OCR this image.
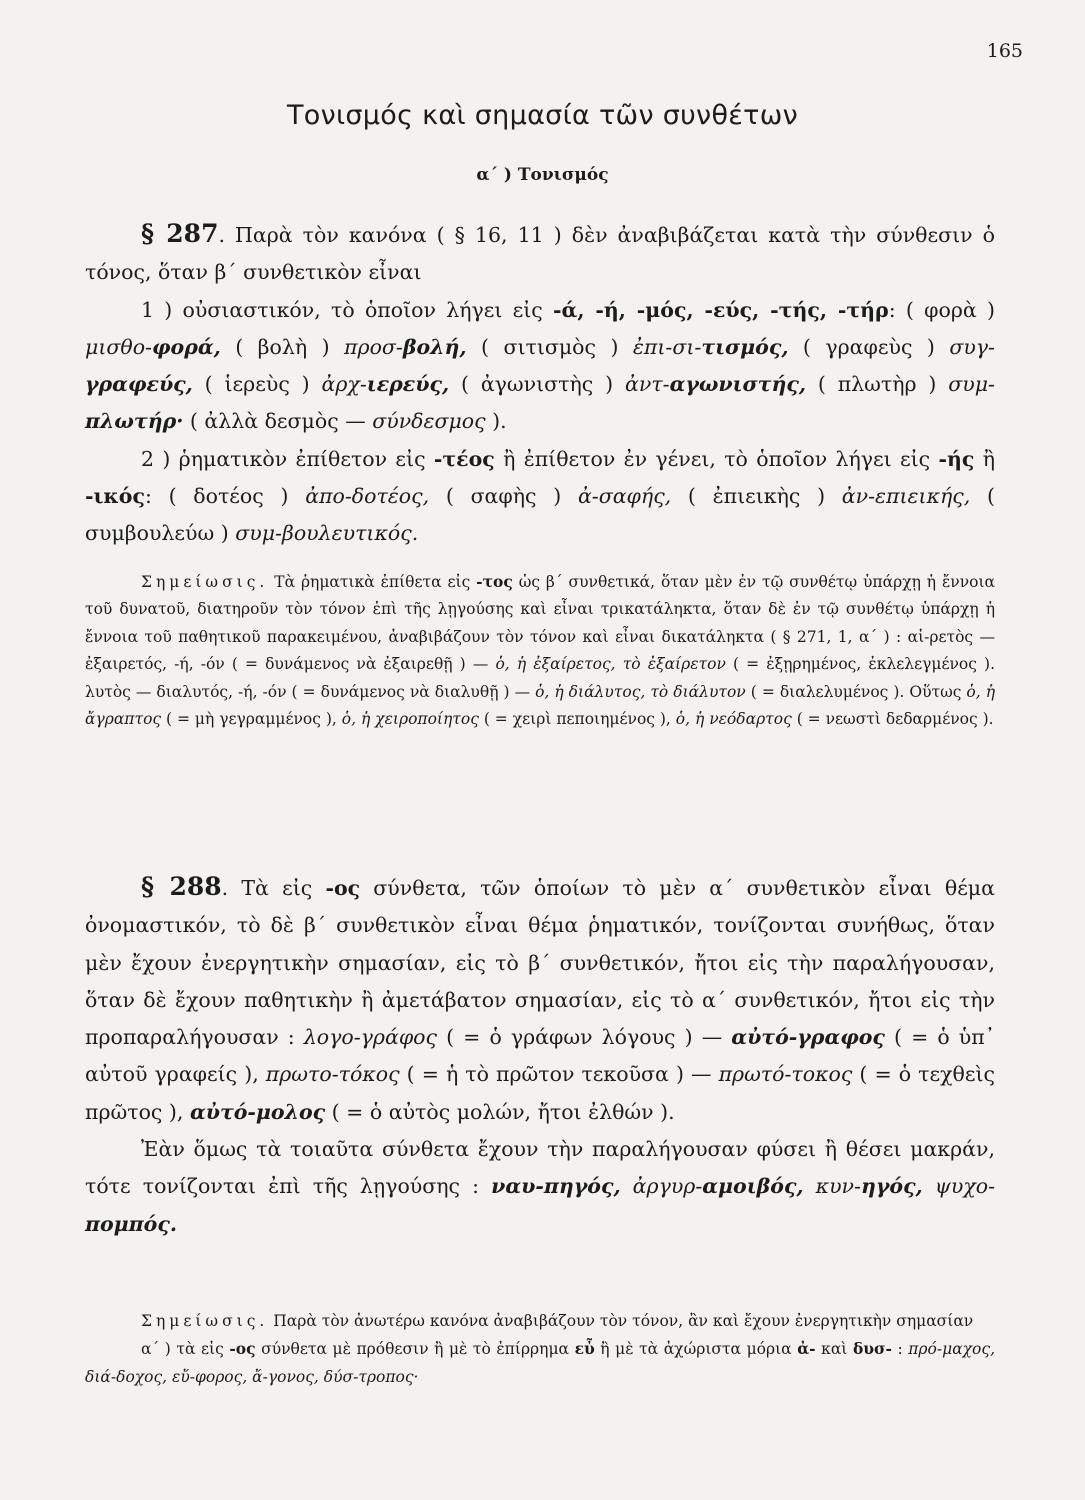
165
Τονισμός καὶ σημασία τῶν συνθέτων
α΄ ) Τονισμός

§ 287. Παρὰ τὸν κανόνα ( § 16, 11 ) δὲν ἀναβιβάζεται κατὰ τὴν σύνθεσιν ὁ τόνος, ὅταν β΄ συνθετικὸν εἶναι

1 ) οὐσιαστικόν, τὸ ὁποῖον λήγει εἰς -ά, -ή, -μός, -εύς, -τής, -τήρ: ( φορὰ ) μισθο-φορά, ( βολὴ ) προσ-βολή, ( σιτισμὸς ) ἐπι-σι-τισμός, ( γραφεὺς ) συγ-γραφεύς, ( ἱερεὺς ) ἀρχ-ιερεύς, ( ἀγωνιστὴς ) ἀντ-αγωνιστής, ( πλωτὴρ ) συμ-πλωτήρ· ( ἀλλὰ δεσμὸς — σύνδεσμος ).

2 ) ῥηματικὸν ἐπίθετον εἰς -τέος ἢ ἐπίθετον ἐν γένει, τὸ ὁποῖον λήγει εἰς -ής ἢ -ικός: ( δοτέος ) ἀπο-δοτέος, ( σαφὴς ) ἀ-σαφής, ( ἐπιεικὴς ) ἀν-επιεικής, ( συμβουλεύω ) συμ-βουλευτικός.

Σημείωσις. Τὰ ῥηματικὰ ἐπίθετα εἰς -τος ὡς β΄ συνθετικά, ὅταν μὲν ἐν τῷ συνθέτῳ ὑπάρχῃ ἡ ἔννοια τοῦ δυνατοῦ, διατηροῦν τὸν τόνον ἐπὶ τῆς λῃγούσης καὶ εἶναι τρικατάληκτα, ὅταν δὲ ἐν τῷ συνθέτῳ ὑπάρχῃ ἡ ἔννοια τοῦ παθητικοῦ παρακειμένου, ἀναβιβάζουν τὸν τόνον καὶ εἶναι δικατάληκτα ( § 271, 1, α΄ ) : αἱ-ρετὸς — ἐξαιρετός, -ή, -όν ( = δυνάμενος νὰ ἐξαιρεθῇ ) — ὁ, ἡ ἐξαίρετος, τὸ ἐξαίρετον ( = ἐξῃρημένος, ἐκλελεγμένος ). λυτὸς — διαλυτός, -ή, -όν ( = δυνάμενος νὰ διαλυθῇ ) — ὁ, ἡ διάλυτος, τὸ διάλυτον ( = διαλελυμένος ). Οὕτως ὁ, ἡ ἄγραπτος ( = μὴ γεγραμμένος ), ὁ, ἡ χειροποίητος ( = χειρὶ πεποιημένος ), ὁ, ἡ νεόδαρτος ( = νεωστὶ δεδαρμένος ).

§ 288. Τὰ εἰς -ος σύνθετα, τῶν ὁποίων τὸ μὲν α΄ συνθετικὸν εἶναι θέμα ὀνομαστικόν, τὸ δὲ β΄ συνθετικὸν εἶναι θέμα ῥηματικόν, τονίζονται συνήθως, ὅταν μὲν ἔχουν ἐνεργητικὴν σημασίαν, εἰς τὸ β΄ συνθετικόν, ἤτοι εἰς τὴν παραλήγουσαν, ὅταν δὲ ἔχουν παθητικὴν ἢ ἀμετάβατον σημασίαν, εἰς τὸ α΄ συνθετικόν, ἤτοι εἰς τὴν προπαραλήγουσαν : λογο-γράφος ( = ὁ γράφων λόγους ) — αὐτό-γραφος ( = ὁ ὑπ᾽ αὐτοῦ γραφείς ), πρωτο-τόκος ( = ἡ τὸ πρῶτον τεκοῦσα ) — πρωτό-τοκος ( = ὁ τεχθεὶς πρῶτος ), αὐτό-μολος ( = ὁ αὐτὸς μολών, ἤτοι ἐλθών ).

Ἐὰν ὅμως τὰ τοιαῦτα σύνθετα ἔχουν τὴν παραλήγουσαν φύσει ἢ θέσει μακράν, τότε τονίζονται ἐπὶ τῆς λῃγούσης : ναυ-πηγός, ἀργυρ-αμοιβός, κυν-ηγός, ψυχο-πομπός.

Σημείωσις. Παρὰ τὸν ἀνωτέρω κανόνα ἀναβιβάζουν τὸν τόνον, ἂν καὶ ἔχουν ἐνεργητικὴν σημασίαν

α΄ ) τὰ εἰς -ος σύνθετα μὲ πρόθεσιν ἢ μὲ τὸ ἐπίρρημα εὖ ἢ μὲ τὰ ἀχώριστα μόρια ἀ- καὶ δυσ- : πρό-μαχος, διά-δοχος, εὔ-φορος, ἄ-γονος, δύσ-τροπος·
